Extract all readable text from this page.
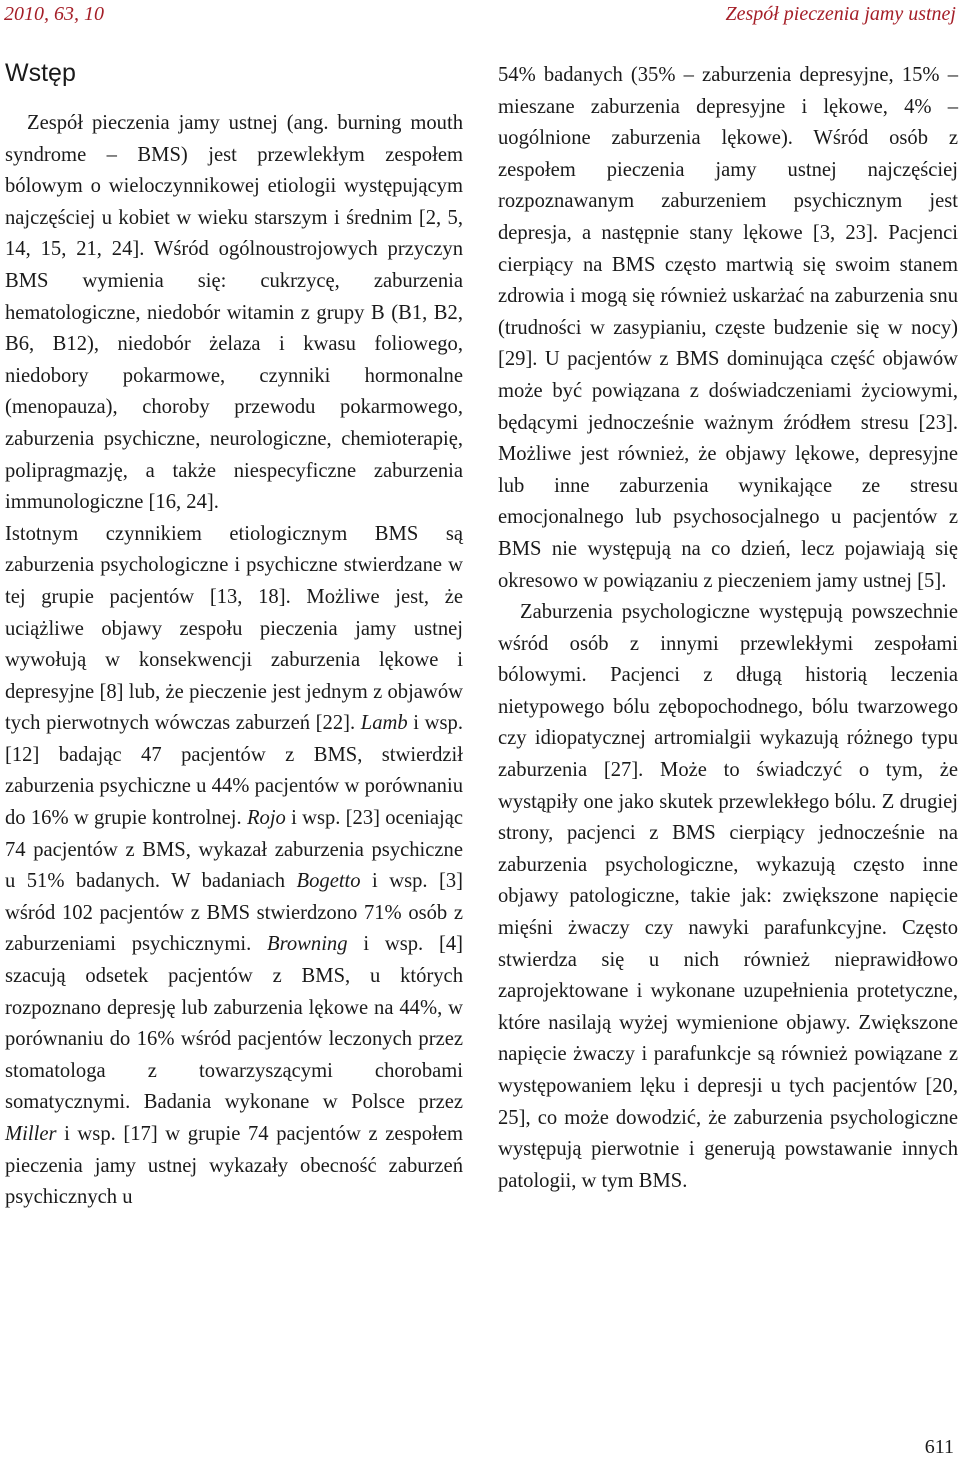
2010, 63, 10	Zespół pieczenia jamy ustnej
Wstęp

Zespół pieczenia jamy ustnej (ang. burning mouth syndrome – BMS) jest przewlekłym zespołem bólowym o wieloczynnikowej etiologii występującym najczęściej u kobiet w wieku starszym i średnim [2, 5, 14, 15, 21, 24]. Wśród ogólnoustrojowych przyczyn BMS wymienia się: cukrzycę, zaburzenia hematologiczne, niedobór witamin z grupy B (B1, B2, B6, B12), niedobór żelaza i kwasu foliowego, niedobory pokarmowe, czynniki hormonalne (menopauza), choroby przewodu pokarmowego, zaburzenia psychiczne, neurologiczne, chemioterapię, polipragmazję, a także niespecyficzne zaburzenia immunologiczne [16, 24].

Istotnym czynnikiem etiologicznym BMS są zaburzenia psychologiczne i psychiczne stwierdzane w tej grupie pacjentów [13, 18]. Możliwe jest, że uciążliwe objawy zespołu pieczenia jamy ustnej wywołują w konsekwencji zaburzenia lękowe i depresyjne [8] lub, że pieczenie jest jednym z objawów tych pierwotnych wówczas zaburzeń [22]. Lamb i wsp. [12] badając 47 pacjentów z BMS, stwierdził zaburzenia psychiczne u 44% pacjentów w porównaniu do 16% w grupie kontrolnej. Rojo i wsp. [23] oceniając 74 pacjentów z BMS, wykazał zaburzenia psychiczne u 51% badanych. W badaniach Bogetto i wsp. [3] wśród 102 pacjentów z BMS stwierdzono 71% osób z zaburzeniami psychicznymi. Browning i wsp. [4] szacują odsetek pacjentów z BMS, u których rozpoznano depresję lub zaburzenia lękowe na 44%, w porównaniu do 16% wśród pacjentów leczonych przez stomatologa z towarzyszącymi chorobami somatycznymi. Badania wykonane w Polsce przez Miller i wsp. [17] w grupie 74 pacjentów z zespołem pieczenia jamy ustnej wykazały obecność zaburzeń psychicznych u

54% badanych (35% – zaburzenia depresyjne, 15% – mieszane zaburzenia depresyjne i lękowe, 4% – uogólnione zaburzenia lękowe). Wśród osób z zespołem pieczenia jamy ustnej najczęściej rozpoznawanym zaburzeniem psychicznym jest depresja, a następnie stany lękowe [3, 23]. Pacjenci cierpiący na BMS często martwią się swoim stanem zdrowia i mogą się również uskarżać na zaburzenia snu (trudności w zasypianiu, częste budzenie się w nocy) [29]. U pacjentów z BMS dominująca część objawów może być powiązana z doświadczeniami życiowymi, będącymi jednocześnie ważnym źródłem stresu [23]. Możliwe jest również, że objawy lękowe, depresyjne lub inne zaburzenia wynikające ze stresu emocjonalnego lub psychosocjalnego u pacjentów z BMS nie występują na co dzień, lecz pojawiają się okresowo w powiązaniu z pieczeniem jamy ustnej [5].

Zaburzenia psychologiczne występują powszechnie wśród osób z innymi przewlekłymi zespołami bólowymi. Pacjenci z długą historią leczenia nietypowego bólu zębopochodnego, bólu twarzowego czy idiopatycznej artromialgii wykazują różnego typu zaburzenia [27]. Może to świadczyć o tym, że wystąpiły one jako skutek przewlekłego bólu. Z drugiej strony, pacjenci z BMS cierpiący jednocześnie na zaburzenia psychologiczne, wykazują często inne objawy patologiczne, takie jak: zwiększone napięcie mięśni żwaczy czy nawyki parafunkcyjne. Często stwierdza się u nich również nieprawidłowo zaprojektowane i wykonane uzupełnienia protetyczne, które nasilają wyżej wymienione objawy. Zwiększone napięcie żwaczy i parafunkcje są również powiązane z występowaniem lęku i depresji u tych pacjentów [20, 25], co może dowodzić, że zaburzenia psychologiczne występują pierwotnie i generują powstawanie innych patologii, w tym BMS.

611
